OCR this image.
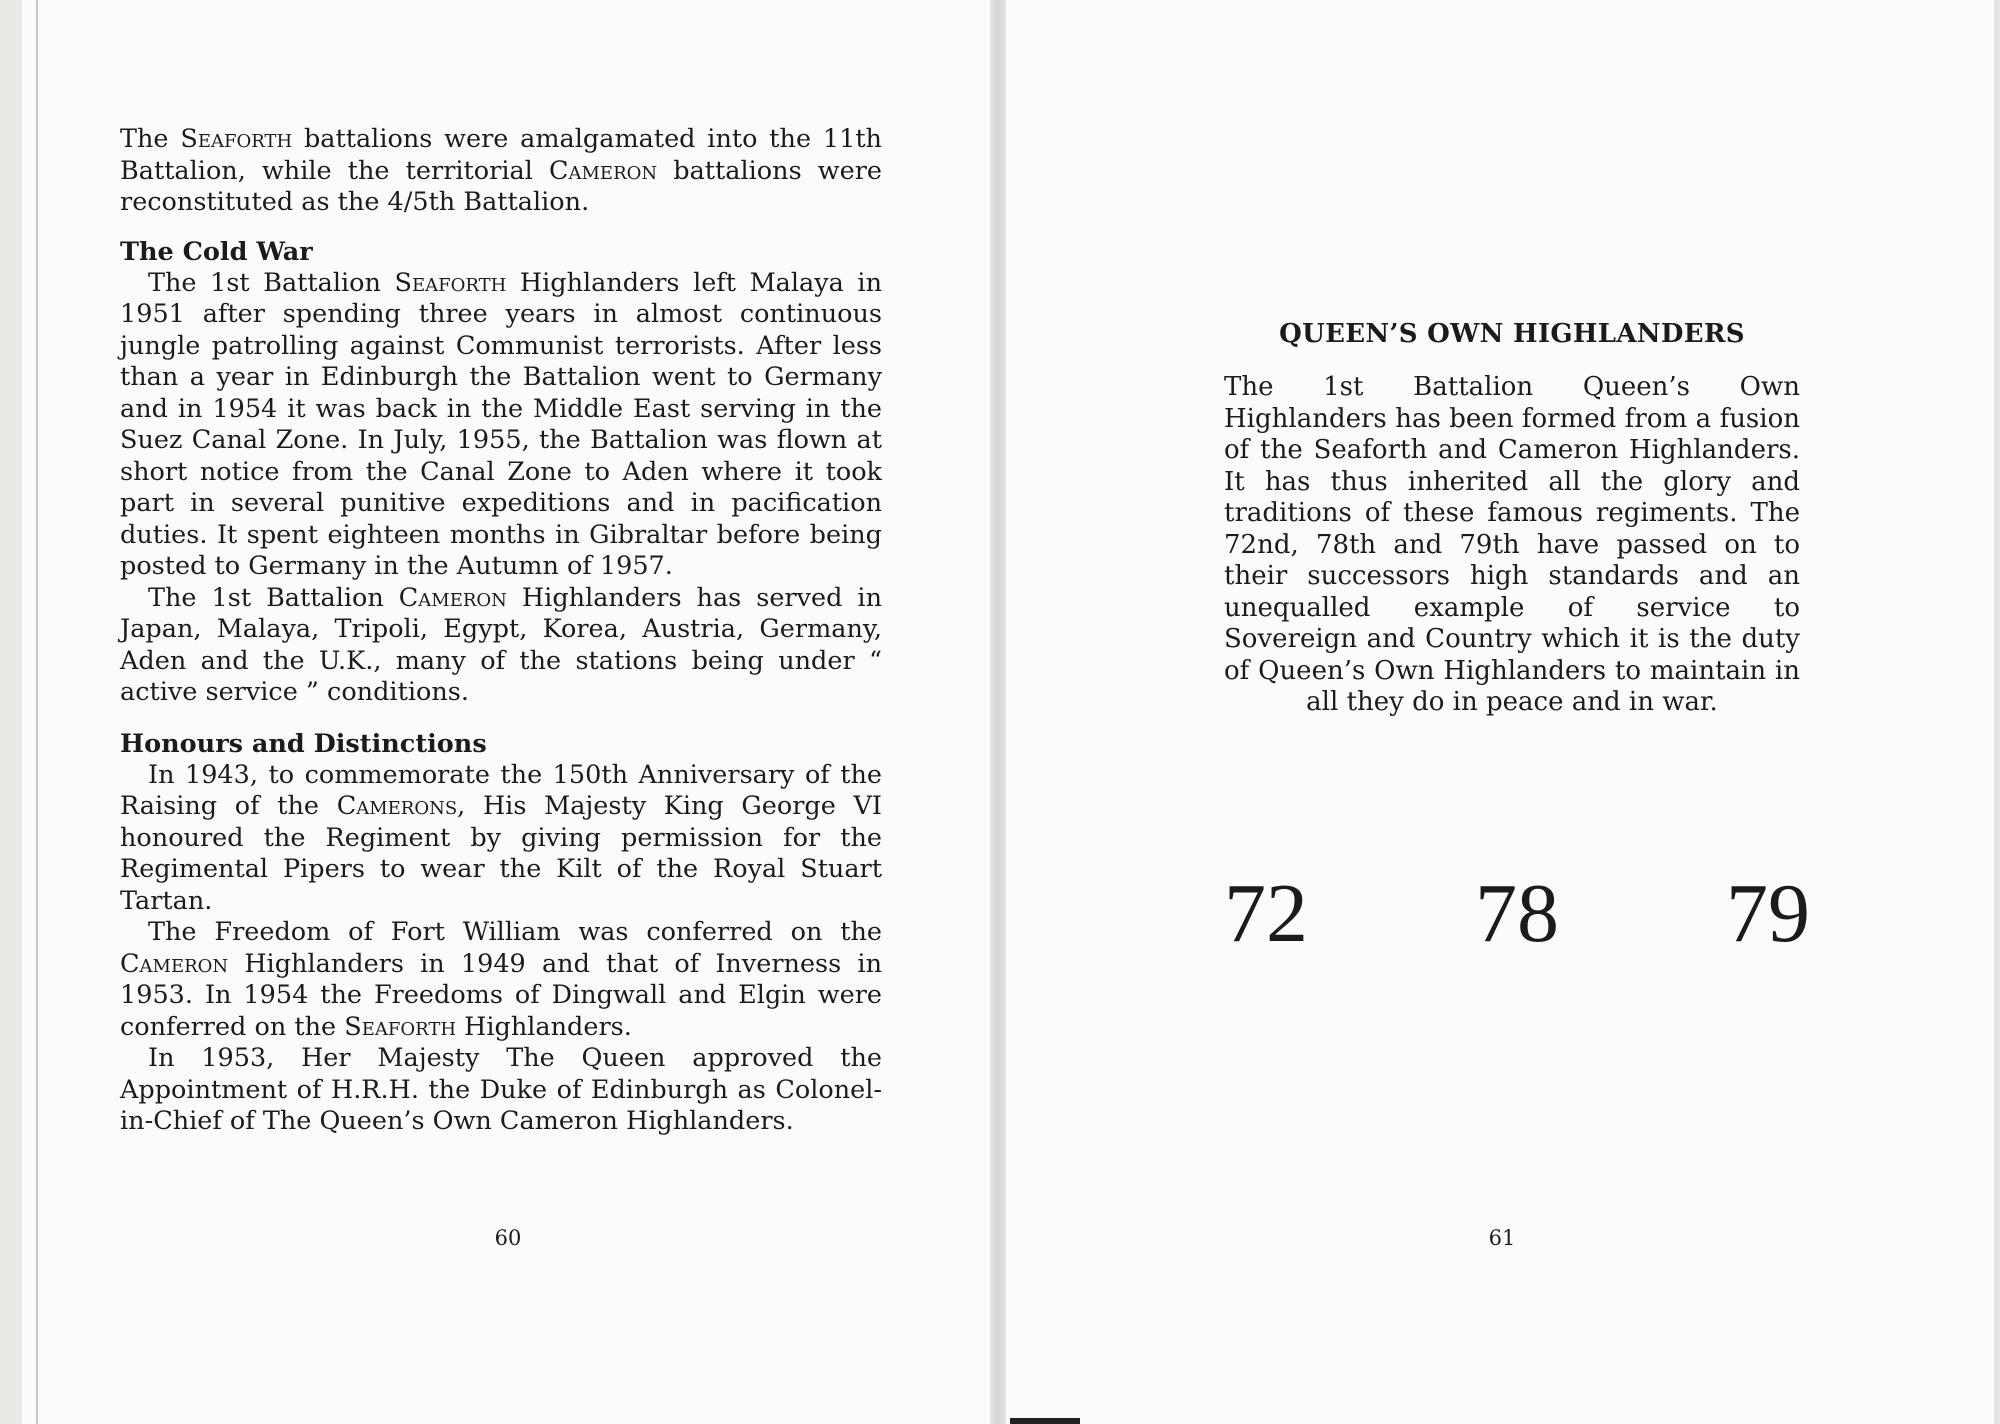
The Seaforth battalions were amalgamated into the 11th Battalion, while the territorial Cameron battalions were reconstituted as the 4/5th Battalion.

The Cold War

The 1st Battalion Seaforth Highlanders left Malaya in 1951 after spending three years in almost continuous jungle patrolling against Communist terrorists. After less than a year in Edinburgh the Battalion went to Germany and in 1954 it was back in the Middle East serving in the Suez Canal Zone. In July, 1955, the Battalion was flown at short notice from the Canal Zone to Aden where it took part in several punitive expeditions and in pacification duties. It spent eighteen months in Gibraltar before being posted to Germany in the Autumn of 1957.

The 1st Battalion Cameron Highlanders has served in Japan, Malaya, Tripoli, Egypt, Korea, Austria, Germany, Aden and the U.K., many of the stations being under “ active service ” conditions.

Honours and Distinctions

In 1943, to commemorate the 150th Anniversary of the Raising of the Camerons, His Majesty King George VI honoured the Regiment by giving permission for the Regimental Pipers to wear the Kilt of the Royal Stuart Tartan.

The Freedom of Fort William was conferred on the Cameron Highlanders in 1949 and that of Inverness in 1953. In 1954 the Freedoms of Dingwall and Elgin were conferred on the Seaforth Highlanders.

In 1953, Her Majesty The Queen approved the Appointment of H.R.H. the Duke of Edinburgh as Colonel-in-Chief of The Queen’s Own Cameron Highlanders.

60
QUEEN’S OWN HIGHLANDERS

The 1st Battalion Queen’s Own Highlanders has been formed from a fusion of the Seaforth and Cameron Highlanders. It has thus inherited all the glory and traditions of these famous regiments. The 72nd, 78th and 79th have passed on to their successors high standards and an unequalled example of service to Sovereign and Country which it is the duty of Queen’s Own Highlanders to maintain in all they do in peace and in war.

72 78 79
61
